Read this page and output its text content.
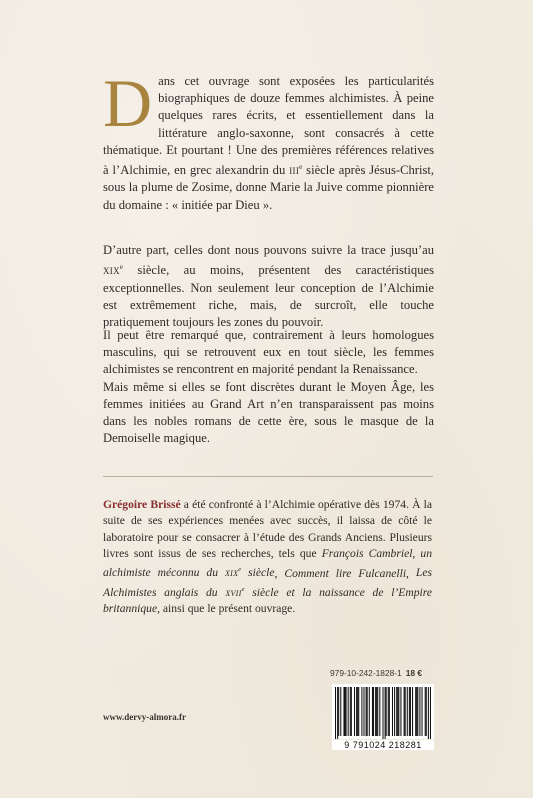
Dans cet ouvrage sont exposées les particularités biographiques de douze femmes alchimistes. À peine quelques rares écrits, et essentiellement dans la littérature anglo-saxonne, sont consacrés à cette thématique. Et pourtant ! Une des premières références relatives à l’Alchimie, en grec alexandrin du iii$^e$ siècle après Jésus-Christ, sous la plume de Zosime, donne Marie la Juive comme pionnière du domaine : « initiée par Dieu ».

D’autre part, celles dont nous pouvons suivre la trace jusqu’au xix$^e$ siècle, au moins, présentent des caractéristiques exceptionnelles. Non seulement leur conception de l’Alchimie est extrêmement riche, mais, de surcroît, elle touche pratiquement toujours les zones du pouvoir.

Il peut être remarqué que, contrairement à leurs homologues masculins, qui se retrouvent eux en tout siècle, les femmes alchimistes se rencontrent en majorité pendant la Renaissance.
Mais même si elles se font discrètes durant le Moyen Âge, les femmes initiées au Grand Art n’en transparaissent pas moins dans les nobles romans de cette ère, sous le masque de la Demoiselle magique.

Grégoire Brissé a été confronté à l’Alchimie opérative dès 1974. À la suite de ses expériences menées avec succès, il laissa de côté le laboratoire pour se consacrer à l’étude des Grands Anciens. Plusieurs livres sont issus de ses recherches, tels que François Cambriel, un alchimiste méconnu du xix$^e$ siècle, Comment lire Fulcanelli, Les Alchimistes anglais du xvii$^e$ siècle et la naissance de l’Empire britannique, ainsi que le présent ouvrage.

979-10-242-1828-1 18 €
9 791024 218281
www.dervy-almora.fr
